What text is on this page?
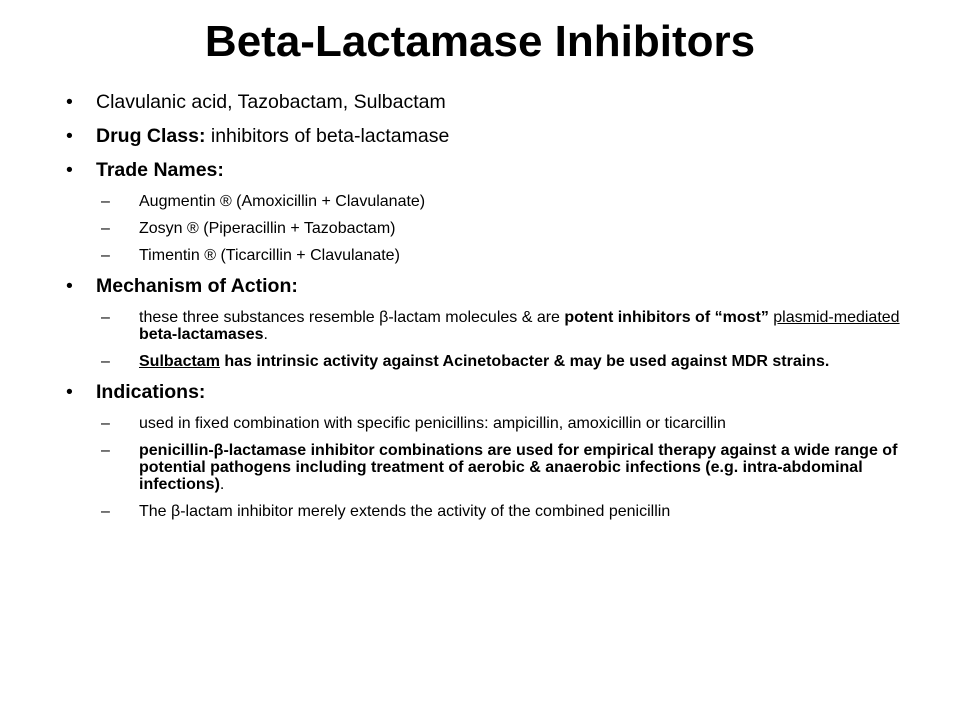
Beta-Lactamase Inhibitors
• Clavulanic acid, Tazobactam, Sulbactam
• Drug Class: inhibitors of beta-lactamase
• Trade Names:
– Augmentin ® (Amoxicillin + Clavulanate)
– Zosyn ® (Piperacillin + Tazobactam)
– Timentin ® (Ticarcillin + Clavulanate)
• Mechanism of Action:
– these three substances resemble β-lactam molecules & are potent inhibitors of “most” plasmid-mediated beta-lactamases.
– Sulbactam has intrinsic activity against Acinetobacter & may be used against MDR strains.
• Indications:
– used in fixed combination with specific penicillins: ampicillin, amoxicillin or ticarcillin
– penicillin-β-lactamase inhibitor combinations are used for empirical therapy against a wide range of potential pathogens including treatment of aerobic & anaerobic infections (e.g. intra-abdominal infections).
– The β-lactam inhibitor merely extends the activity of the combined penicillin
